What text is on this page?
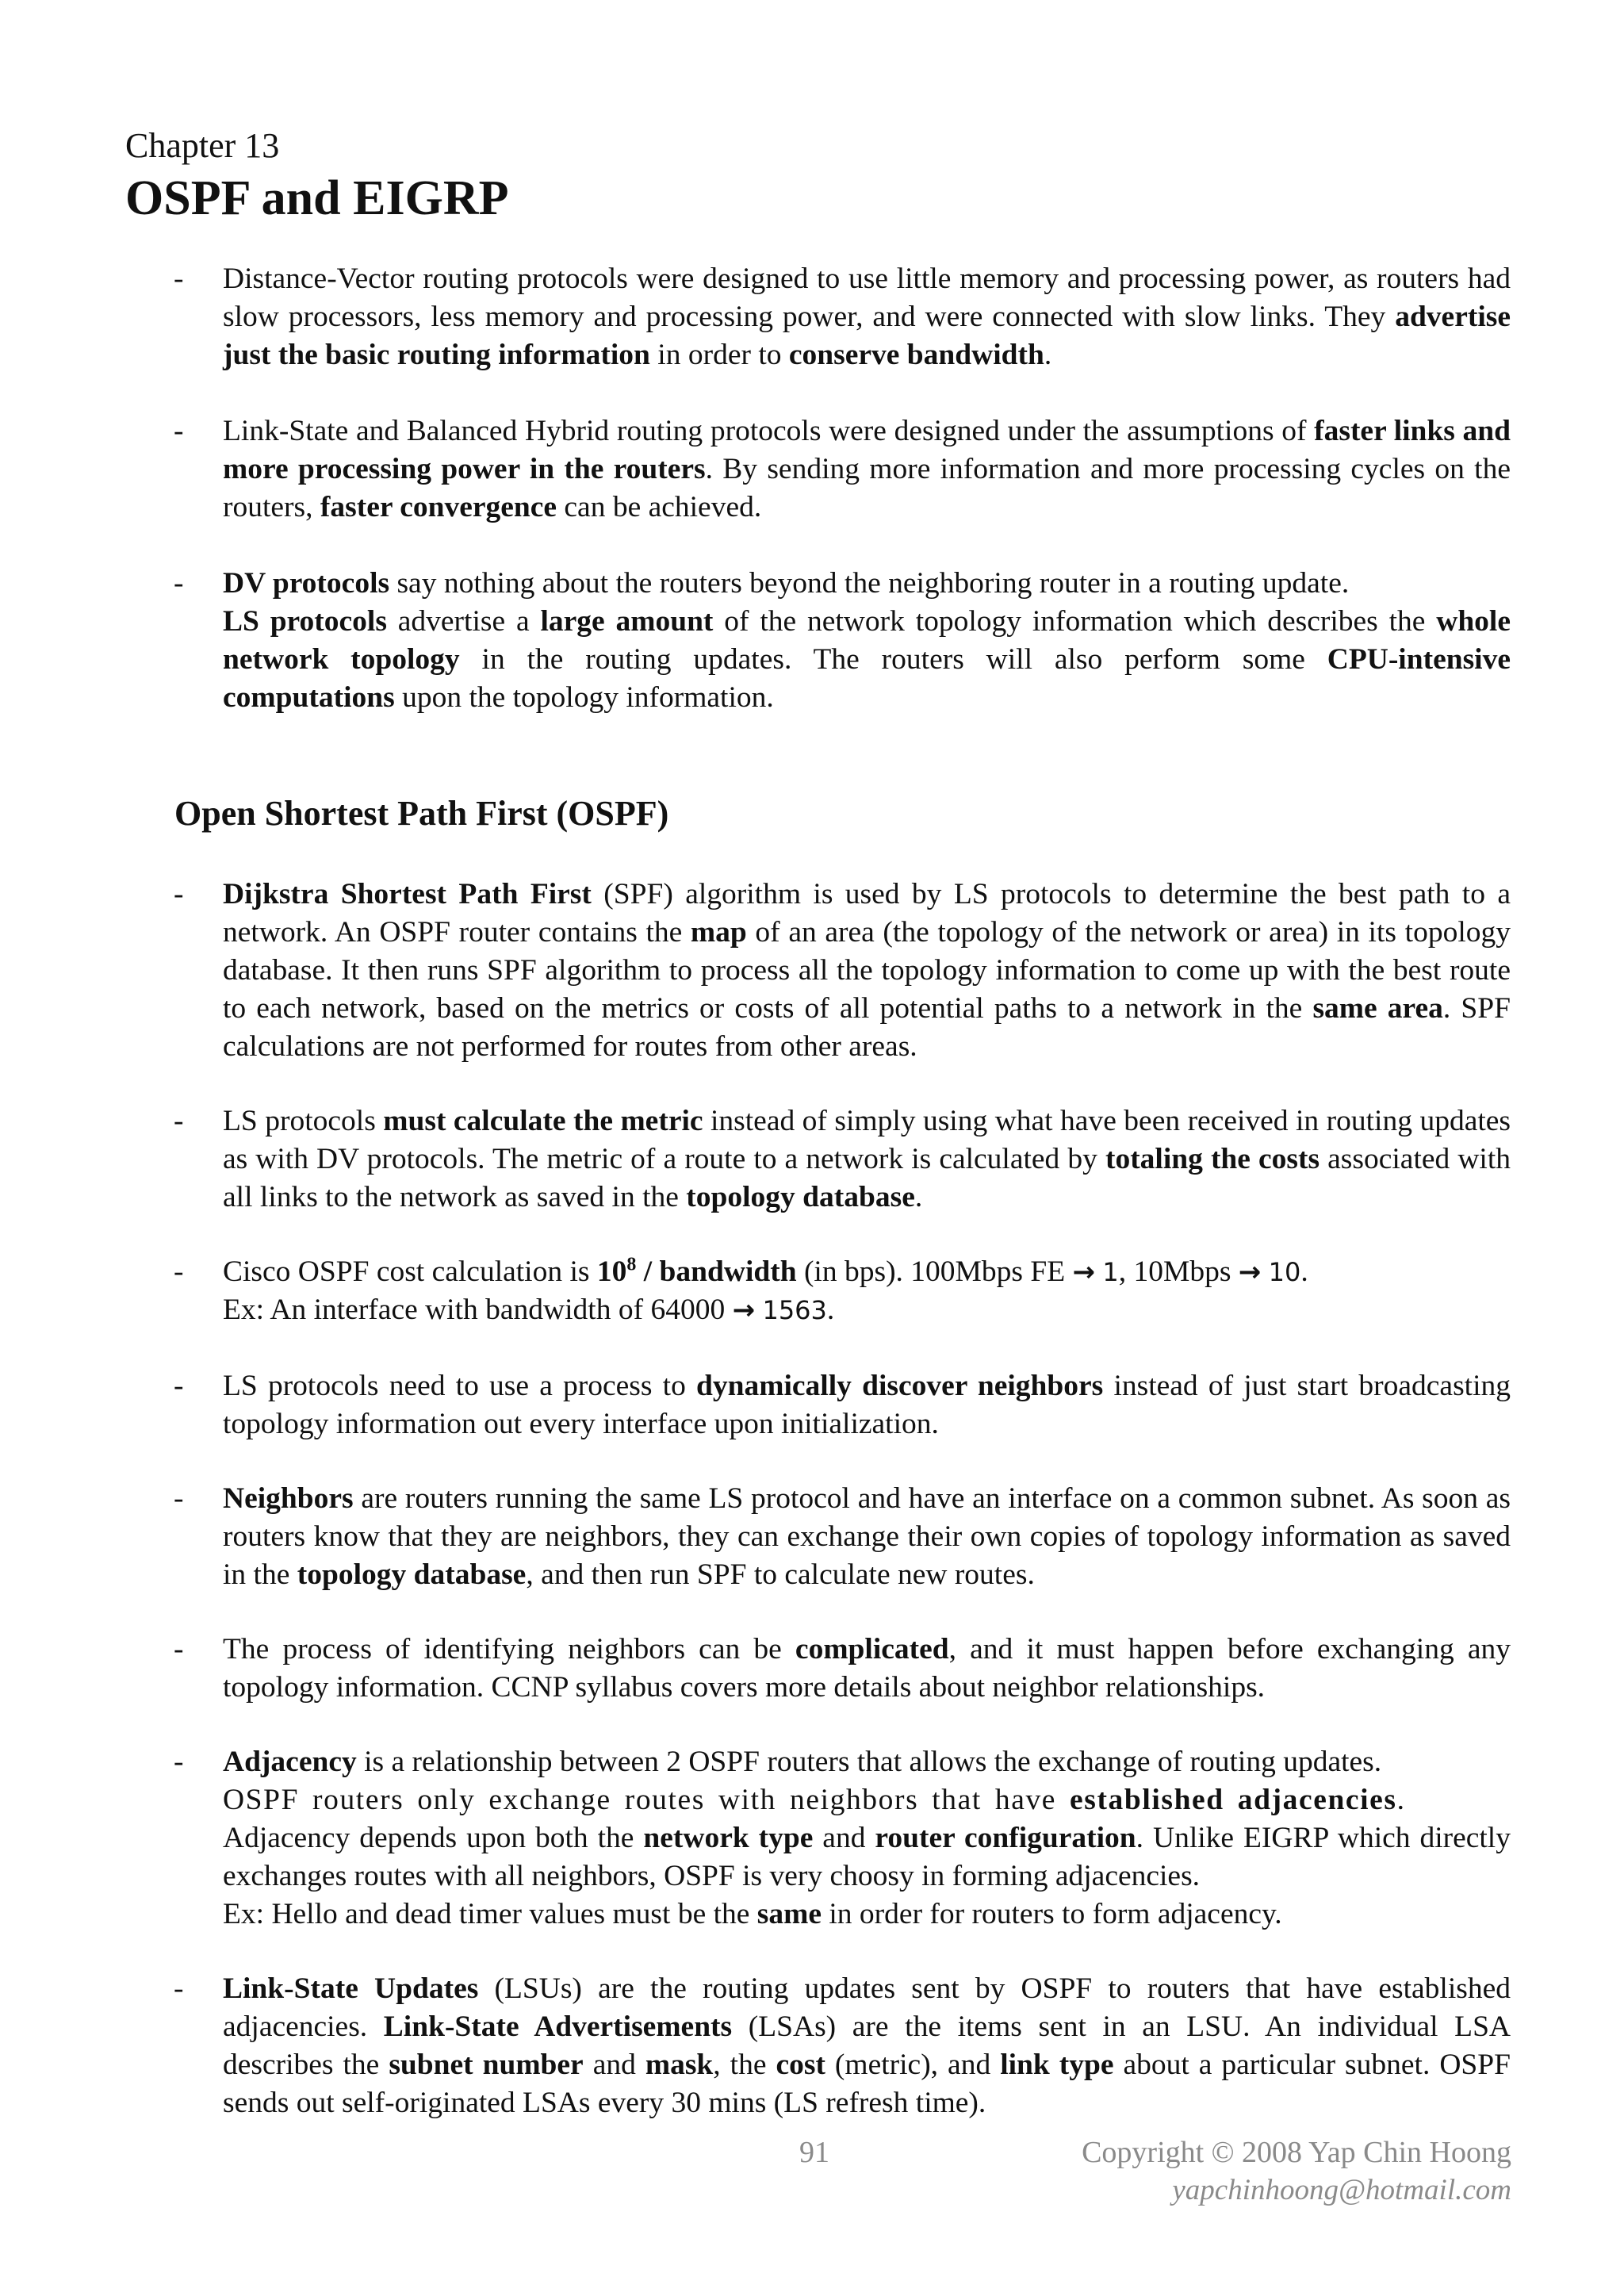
Chapter 13
OSPF and EIGRP
- Distance-Vector routing protocols were designed to use little memory and processing power, as routers had slow processors, less memory and processing power, and were connected with slow links. They advertise just the basic routing information in order to conserve bandwidth.
- Link-State and Balanced Hybrid routing protocols were designed under the assumptions of faster links and more processing power in the routers. By sending more information and more processing cycles on the routers, faster convergence can be achieved.
- DV protocols say nothing about the routers beyond the neighboring router in a routing update.

LS protocols advertise a large amount of the network topology information which describes the whole network topology in the routing updates. The routers will also perform some CPU-intensive computations upon the topology information.

Open Shortest Path First (OSPF)
- Dijkstra Shortest Path First (SPF) algorithm is used by LS protocols to determine the best path to a network. An OSPF router contains the map of an area (the topology of the network or area) in its topology database. It then runs SPF algorithm to process all the topology information to come up with the best route to each network, based on the metrics or costs of all potential paths to a network in the same area. SPF calculations are not performed for routes from other areas.
- LS protocols must calculate the metric instead of simply using what have been received in routing updates as with DV protocols. The metric of a route to a network is calculated by totaling the costs associated with all links to the network as saved in the topology database.
- Cisco OSPF cost calculation is $10^8$ / bandwidth (in bps). 100Mbps FE → 1, 10Mbps → 10.

Ex: An interface with bandwidth of 64000 → 1563.

- LS protocols need to use a process to dynamically discover neighbors instead of just start broadcasting topology information out every interface upon initialization.
- Neighbors are routers running the same LS protocol and have an interface on a common subnet. As soon as routers know that they are neighbors, they can exchange their own copies of topology information as saved in the topology database, and then run SPF to calculate new routes.
- The process of identifying neighbors can be complicated, and it must happen before exchanging any topology information. CCNP syllabus covers more details about neighbor relationships.
- Adjacency is a relationship between 2 OSPF routers that allows the exchange of routing updates.

OSPF routers only exchange routes with neighbors that have established adjacencies.

Adjacency depends upon both the network type and router configuration. Unlike EIGRP which directly exchanges routes with all neighbors, OSPF is very choosy in forming adjacencies.

Ex: Hello and dead timer values must be the same in order for routers to form adjacency.

- Link-State Updates (LSUs) are the routing updates sent by OSPF to routers that have established adjacencies. Link-State Advertisements (LSAs) are the items sent in an LSU. An individual LSA describes the subnet number and mask, the cost (metric), and link type about a particular subnet. OSPF sends out self-originated LSAs every 30 mins (LS refresh time).
91	Copyright © 2008 Yap Chin Hoong
yapchinhoong@hotmail.com
